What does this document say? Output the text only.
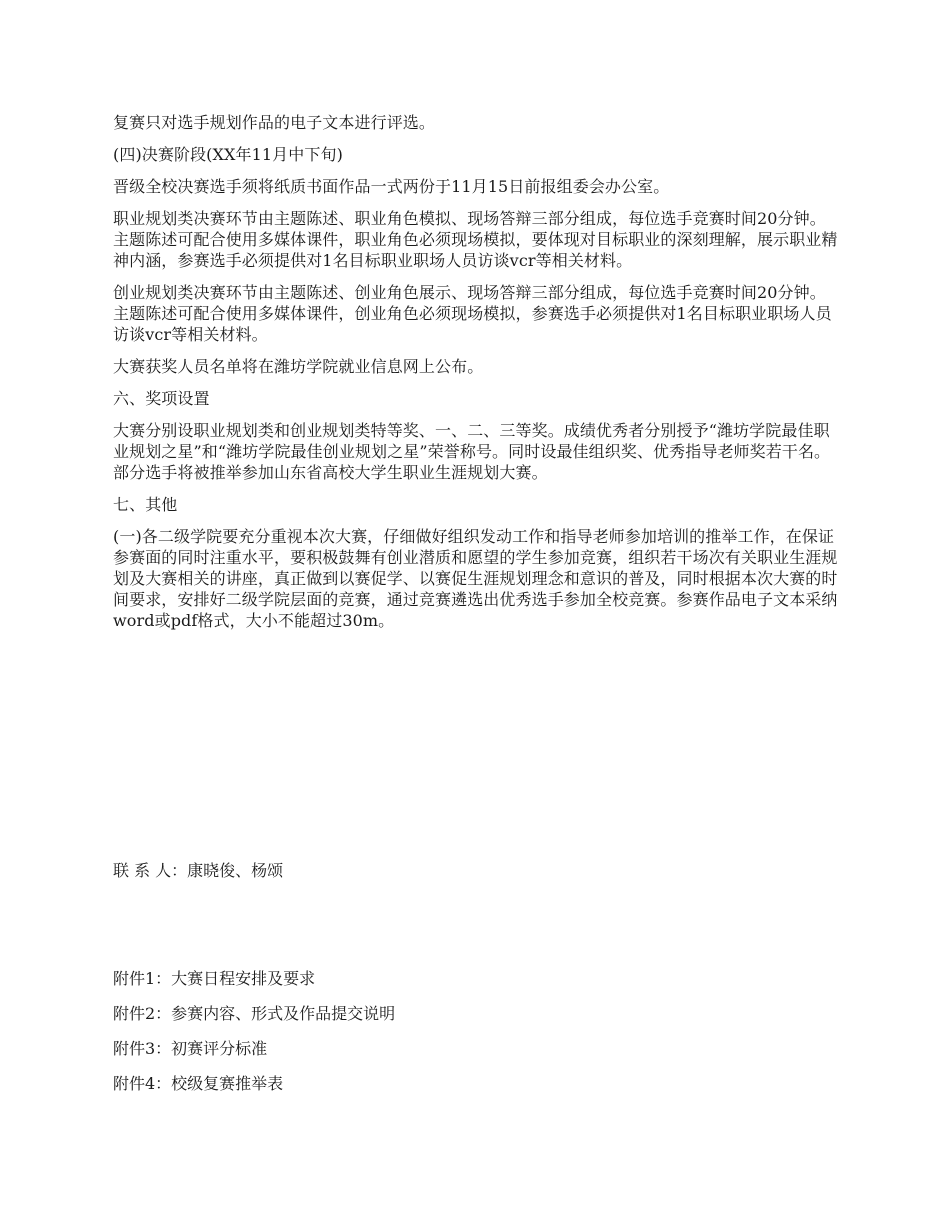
复赛只对选手规划作品的电子文本进行评选。

(四)决赛阶段(XX年11月中下旬)

晋级全校决赛选手须将纸质书面作品一式两份于11月15日前报组委会办公室。

职业规划类决赛环节由主题陈述、职业角色模拟、现场答辩三部分组成，每位选手竞赛时间20分钟。主题陈述可配合使用多媒体课件，职业角色必须现场模拟，要体现对目标职业的深刻理解，展示职业精神内涵，参赛选手必须提供对1名目标职业职场人员访谈vcr等相关材料。

创业规划类决赛环节由主题陈述、创业角色展示、现场答辩三部分组成，每位选手竞赛时间20分钟。主题陈述可配合使用多媒体课件，创业角色必须现场模拟，参赛选手必须提供对1名目标职业职场人员访谈vcr等相关材料。

大赛获奖人员名单将在潍坊学院就业信息网上公布。

六、奖项设置

大赛分别设职业规划类和创业规划类特等奖、一、二、三等奖。成绩优秀者分别授予“潍坊学院最佳职业规划之星”和“潍坊学院最佳创业规划之星”荣誉称号。同时设最佳组织奖、优秀指导老师奖若干名。部分选手将被推举参加山东省高校大学生职业生涯规划大赛。

七、其他

(一)各二级学院要充分重视本次大赛，仔细做好组织发动工作和指导老师参加培训的推举工作，在保证参赛面的同时注重水平，要积极鼓舞有创业潜质和愿望的学生参加竞赛，组织若干场次有关职业生涯规划及大赛相关的讲座，真正做到以赛促学、以赛促生涯规划理念和意识的普及，同时根据本次大赛的时间要求，安排好二级学院层面的竞赛，通过竞赛遴选出优秀选手参加全校竞赛。参赛作品电子文本采纳word或pdf格式，大小不能超过30m。

联 系 人：康晓俊、杨颂

附件1：大赛日程安排及要求

附件2：参赛内容、形式及作品提交说明

附件3：初赛评分标准

附件4：校级复赛推举表
